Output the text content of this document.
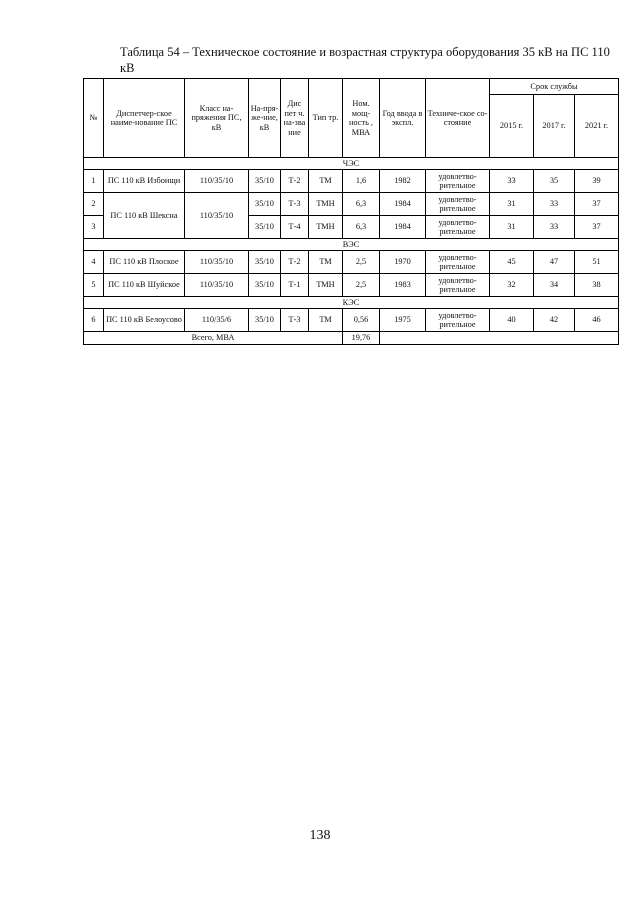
Таблица 54 – Техническое состояние и возрастная структура оборудования 35 кВ на ПС 110 кВ
№	Диспетчер-ское наиме-нование ПС	Класс на-пряжения ПС, кВ	На-пря-же-ние, кВ	Дис пет ч. на-зва ние	Тип тр.	Ном. мощ-ность , МВА	Год ввода в экспл.	Техниче-ское со-стояние	Срок службы		
									2015 г.	2017 г.	2021 г.
ЧЭС											
1	ПС 110 кВ Избоищи	110/35/10	35/10	Т-2	ТМ	1,6	1982	удовлетво-рительное	33	35	39
2	ПС 110 кВ Шексна	110/35/10	35/10	Т-3	ТМН	6,3	1984	удовлетво-рительное	31	33	37
3			35/10	Т-4	ТМН	6,3	1984	удовлетво-рительное	31	33	37
ВЭС											
4	ПС 110 кВ Плоское	110/35/10	35/10	Т-2	ТМ	2,5	1970	удовлетво-рительное	45	47	51
5	ПС 110 кВ Шуйское	110/35/10	35/10	Т-1	ТМН	2,5	1983	удовлетво-рительное	32	34	38
КЭС											
6	ПС 110 кВ Белоусово	110/35/6	35/10	Т-3	ТМ	0,56	1975	удовлетво-рительное	40	42	46
Всего, МВА						19,76					
138
